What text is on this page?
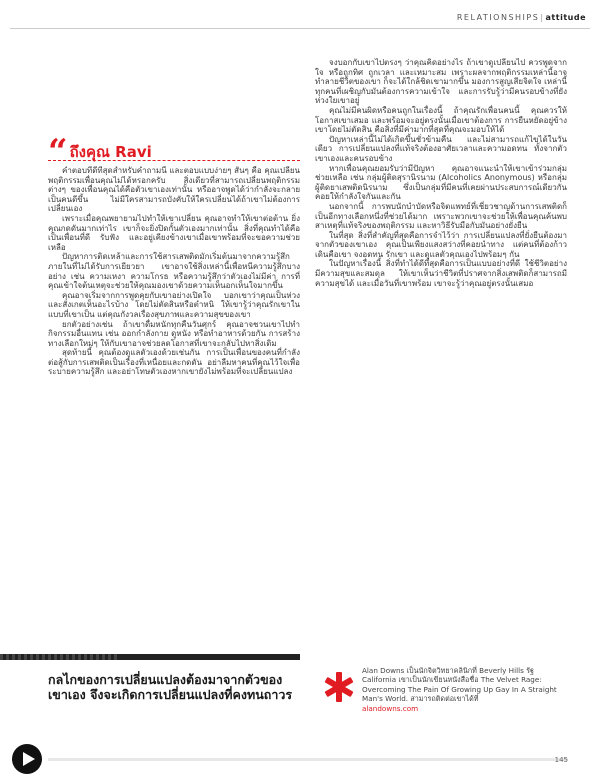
RELATIONSHIPS|attitude
“ ถึงคุณ Ravi

คำตอบที่ดีที่สุดสำหรับคำถามนี้ และตอบแบบง่ายๆ สั้นๆ คือ คุณเปลี่ยนพฤติกรรมเพื่อนคุณไม่ได้หรอกครับ สิ่งเดียวที่สามารถเปลี่ยนพฤติกรรมต่างๆ ของเพื่อนคุณได้คือตัวเขาเองเท่านั้น หรืออาจพูดได้ว่ากำลังจะกลายเป็นคนดีขึ้น ไม่มีใครสามารถบังคับให้ใครเปลี่ยนได้ถ้าเขาไม่ต้องการเปลี่ยนเอง

เพราะเมื่อคุณพยายามไปทำให้เขาเปลี่ยน คุณอาจทำให้เขาต่อต้าน ยิ่งคุณกดดันมากเท่าไร เขาก็จะยิ่งปิดกั้นตัวเองมากเท่านั้น สิ่งที่คุณทำได้คือเป็นเพื่อนที่ดี รับฟัง และอยู่เคียงข้างเขาเมื่อเขาพร้อมที่จะขอความช่วยเหลือ

ปัญหาการติดเหล้าและการใช้สารเสพติดมักเริ่มต้นมาจากความรู้สึกภายในที่ไม่ได้รับการเยียวยา เขาอาจใช้สิ่งเหล่านี้เพื่อหนีความรู้สึกบางอย่าง เช่น ความเหงา ความโกรธ หรือความรู้สึกว่าตัวเองไม่มีค่า การที่คุณเข้าใจต้นเหตุจะช่วยให้คุณมองเขาด้วยความเห็นอกเห็นใจมากขึ้น

คุณอาจเริ่มจากการพูดคุยกับเขาอย่างเปิดใจ บอกเขาว่าคุณเป็นห่วง และสังเกตเห็นอะไรบ้าง โดยไม่ตัดสินหรือตำหนิ ให้เขารู้ว่าคุณรักเขาในแบบที่เขาเป็น แต่คุณกังวลเรื่องสุขภาพและความสุขของเขา

ยกตัวอย่างเช่น ถ้าเขาดื่มหนักทุกคืนวันศุกร์ คุณอาจชวนเขาไปทำกิจกรรมอื่นแทน เช่น ออกกำลังกาย ดูหนัง หรือทำอาหารด้วยกัน การสร้างทางเลือกใหม่ๆ ให้กับเขาอาจช่วยลดโอกาสที่เขาจะกลับไปหาสิ่งเดิม

สุดท้ายนี้ คุณต้องดูแลตัวเองด้วยเช่นกัน การเป็นเพื่อนของคนที่กำลังต่อสู้กับการเสพติดเป็นเรื่องที่เหนื่อยและกดดัน อย่าลืมหาคนที่คุณไว้ใจเพื่อระบายความรู้สึก และอย่าโทษตัวเองหากเขายังไม่พร้อมที่จะเปลี่ยนแปลง

จงบอกกับเขาไปตรงๆ ว่าคุณคิดอย่างไร ถ้าเขาดูเปลี่ยนไป ควรพูดจากใจ หรือถูกทิศ ถูกเวลา และเหมาะสม เพราะผลจากพฤติกรรมเหล่านี้อาจทำลายชีวิตของเขา ก็จะได้ใกล้ชิดเขามากขึ้น มองการสูญเสียจิตใจ เหล่านี้ทุกคนที่เผชิญกับมันต้องการความเข้าใจ และการรับรู้ว่ามีคนรอบข้างที่ยังห่วงใยเขาอยู่

คุณไม่มีคนผิดหรือคนถูกในเรื่องนี้ ถ้าคุณรักเพื่อนคนนี้ คุณควรให้โอกาสเขาเสมอ และพร้อมจะอยู่ตรงนั้นเมื่อเขาต้องการ การยืนหยัดอยู่ข้างเขาโดยไม่ตัดสิน คือสิ่งที่มีค่ามากที่สุดที่คุณจะมอบให้ได้

ปัญหาเหล่านี้ไม่ได้เกิดขึ้นชั่วข้ามคืน และไม่สามารถแก้ไขได้ในวันเดียว การเปลี่ยนแปลงที่แท้จริงต้องอาศัยเวลาและความอดทน ทั้งจากตัวเขาเองและคนรอบข้าง

หากเพื่อนคุณยอมรับว่ามีปัญหา คุณอาจแนะนำให้เขาเข้าร่วมกลุ่มช่วยเหลือ เช่น กลุ่มผู้ติดสุรานิรนาม (Alcoholics Anonymous) หรือกลุ่มผู้ติดยาเสพติดนิรนาม ซึ่งเป็นกลุ่มที่มีคนที่เคยผ่านประสบการณ์เดียวกันคอยให้กำลังใจกันและกัน

นอกจากนี้ การพบนักบำบัดหรือจิตแพทย์ที่เชี่ยวชาญด้านการเสพติดก็เป็นอีกทางเลือกหนึ่งที่ช่วยได้มาก เพราะพวกเขาจะช่วยให้เพื่อนคุณค้นพบสาเหตุที่แท้จริงของพฤติกรรม และหาวิธีรับมือกับมันอย่างยั่งยืน

ในที่สุด สิ่งที่สำคัญที่สุดคือการจำไว้ว่า การเปลี่ยนแปลงที่ยั่งยืนต้องมาจากตัวของเขาเอง คุณเป็นเพียงแสงสว่างที่คอยนำทาง แต่คนที่ต้องก้าวเดินคือเขา จงอดทน รักเขา และดูแลตัวคุณเองไปพร้อมๆ กัน

ในปัญหาเรื่องนี้ สิ่งที่ทำได้ดีที่สุดคือการเป็นแบบอย่างที่ดี ใช้ชีวิตอย่างมีความสุขและสมดุล ให้เขาเห็นว่าชีวิตที่ปราศจากสิ่งเสพติดก็สามารถมีความสุขได้ และเมื่อวันที่เขาพร้อม เขาจะรู้ว่าคุณอยู่ตรงนั้นเสมอ

กลไกของการเปลี่ยนแปลงต้องมาจากตัวของเขาเอง จึงจะเกิดการเปลี่ยนแปลงที่คงทนถาวร
Alan Downs เป็นนักจิตวิทยาคลินิกที่ Beverly Hills รัฐ California เขาเป็นนักเขียนหนังสือชื่อ The Velvet Rage: Overcoming The Pain Of Growing Up Gay In A Straight Man's World. สามารถติดต่อเขาได้ที่
alandowns.com
145
